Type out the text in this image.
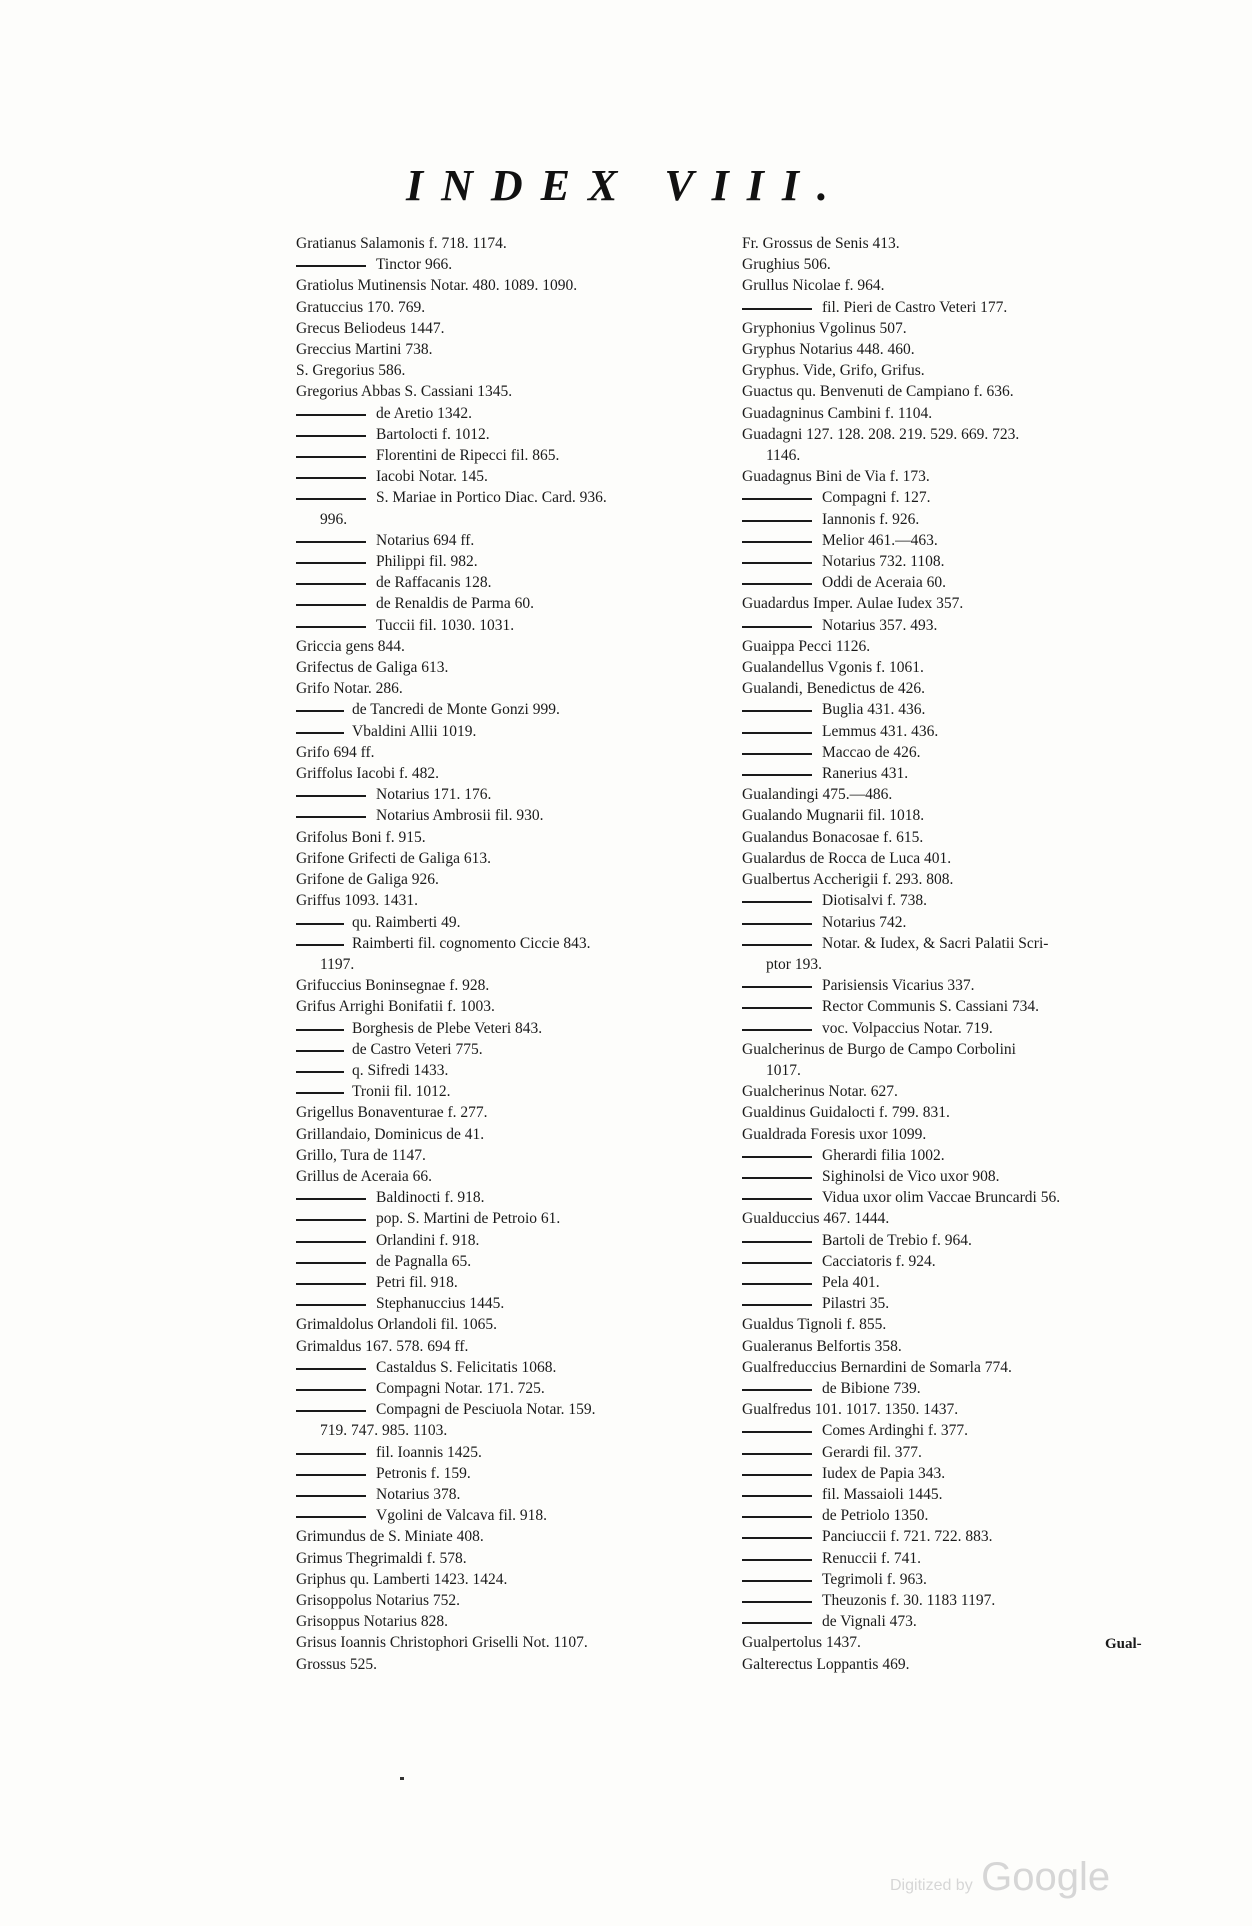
INDEX VIII.
Gratianus Salamonis f. 718. 1174.
Tinctor 966.
Gratiolus Mutinensis Notar. 480. 1089. 1090.
Gratuccius 170. 769.
Grecus Beliodeus 1447.
Greccius Martini 738.
S. Gregorius 586.
Gregorius Abbas S. Cassiani 1345.
de Aretio 1342.
Bartolocti f. 1012.
Florentini de Ripecci fil. 865.
Iacobi Notar. 145.
S. Mariae in Portico Diac. Card. 936.
996.
Notarius 694 ff.
Philippi fil. 982.
de Raffacanis 128.
de Renaldis de Parma 60.
Tuccii fil. 1030. 1031.
Griccia gens 844.
Grifectus de Galiga 613.
Grifo Notar. 286.
de Tancredi de Monte Gonzi 999.
Vbaldini Allii 1019.
Grifo 694 ff.
Griffolus Iacobi f. 482.
Notarius 171. 176.
Notarius Ambrosii fil. 930.
Grifolus Boni f. 915.
Grifone Grifecti de Galiga 613.
Grifone de Galiga 926.
Griffus 1093. 1431.
qu. Raimberti 49.
Raimberti fil. cognomento Ciccie 843.
1197.
Grifuccius Boninsegnae f. 928.
Grifus Arrighi Bonifatii f. 1003.
Borghesis de Plebe Veteri 843.
de Castro Veteri 775.
q. Sifredi 1433.
Tronii fil. 1012.
Grigellus Bonaventurae f. 277.
Grillandaio, Dominicus de 41.
Grillo, Tura de 1147.
Grillus de Aceraia 66.
Baldinocti f. 918.
pop. S. Martini de Petroio 61.
Orlandini f. 918.
de Pagnalla 65.
Petri fil. 918.
Stephanuccius 1445.
Grimaldolus Orlandoli fil. 1065.
Grimaldus 167. 578. 694 ff.
Castaldus S. Felicitatis 1068.
Compagni Notar. 171. 725.
Compagni de Pesciuola Notar. 159.
719. 747. 985. 1103.
fil. Ioannis 1425.
Petronis f. 159.
Notarius 378.
Vgolini de Valcava fil. 918.
Grimundus de S. Miniate 408.
Grimus Thegrimaldi f. 578.
Griphus qu. Lamberti 1423. 1424.
Grisoppolus Notarius 752.
Grisoppus Notarius 828.
Grisus Ioannis Christophori Griselli Not. 1107.
Grossus 525.
Fr. Grossus de Senis 413.
Grughius 506.
Grullus Nicolae f. 964.
fil. Pieri de Castro Veteri 177.
Gryphonius Vgolinus 507.
Gryphus Notarius 448. 460.
Gryphus. Vide, Grifo, Grifus.
Guactus qu. Benvenuti de Campiano f. 636.
Guadagninus Cambini f. 1104.
Guadagni 127. 128. 208. 219. 529. 669. 723.
1146.
Guadagnus Bini de Via f. 173.
Compagni f. 127.
Iannonis f. 926.
Melior 461.—463.
Notarius 732. 1108.
Oddi de Aceraia 60.
Guadardus Imper. Aulae Iudex 357.
Notarius 357. 493.
Guaippa Pecci 1126.
Gualandellus Vgonis f. 1061.
Gualandi, Benedictus de 426.
Buglia 431. 436.
Lemmus 431. 436.
Maccao de 426.
Ranerius 431.
Gualandingi 475.—486.
Gualando Mugnarii fil. 1018.
Gualandus Bonacosae f. 615.
Gualardus de Rocca de Luca 401.
Gualbertus Accherigii f. 293. 808.
Diotisalvi f. 738.
Notarius 742.
Notar. & Iudex, & Sacri Palatii Scri-
ptor 193.
Parisiensis Vicarius 337.
Rector Communis S. Cassiani 734.
voc. Volpaccius Notar. 719.
Gualcherinus de Burgo de Campo Corbolini
1017.
Gualcherinus Notar. 627.
Gualdinus Guidalocti f. 799. 831.
Gualdrada Foresis uxor 1099.
Gherardi filia 1002.
Sighinolsi de Vico uxor 908.
Vidua uxor olim Vaccae Bruncardi 56.
Gualduccius 467. 1444.
Bartoli de Trebio f. 964.
Cacciatoris f. 924.
Pela 401.
Pilastri 35.
Gualdus Tignoli f. 855.
Gualeranus Belfortis 358.
Gualfreduccius Bernardini de Somarla 774.
de Bibione 739.
Gualfredus 101. 1017. 1350. 1437.
Comes Ardinghi f. 377.
Gerardi fil. 377.
Iudex de Papia 343.
fil. Massaioli 1445.
de Petriolo 1350.
Panciuccii f. 721. 722. 883.
Renuccii f. 741.
Tegrimoli f. 963.
Theuzonis f. 30. 1183 1197.
de Vignali 473.
Gualpertolus 1437.
Galterectus Loppantis 469.
Gual-
Digitized by Google
